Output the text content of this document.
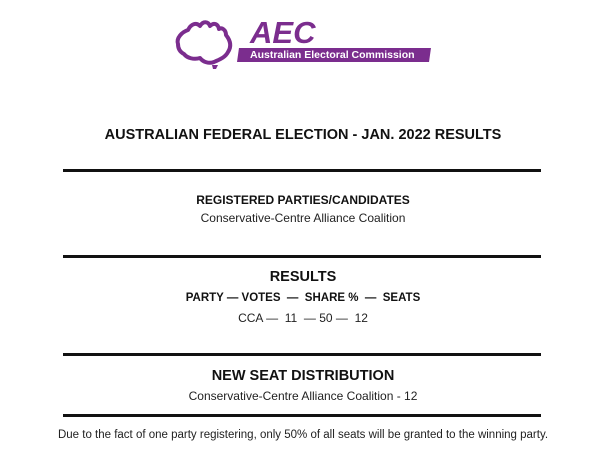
AEC
Australian Electoral Commission
AUSTRALIAN FEDERAL ELECTION - JAN. 2022 RESULTS
REGISTERED PARTIES/CANDIDATES
Conservative-Centre Alliance Coalition
RESULTS
PARTY — VOTES  —  SHARE %  —  SEATS
CCA —  11  — 50 —  12
NEW SEAT DISTRIBUTION
Conservative-Centre Alliance Coalition - 12
Due to the fact of one party registering, only 50% of all seats will be granted to the winning party.
